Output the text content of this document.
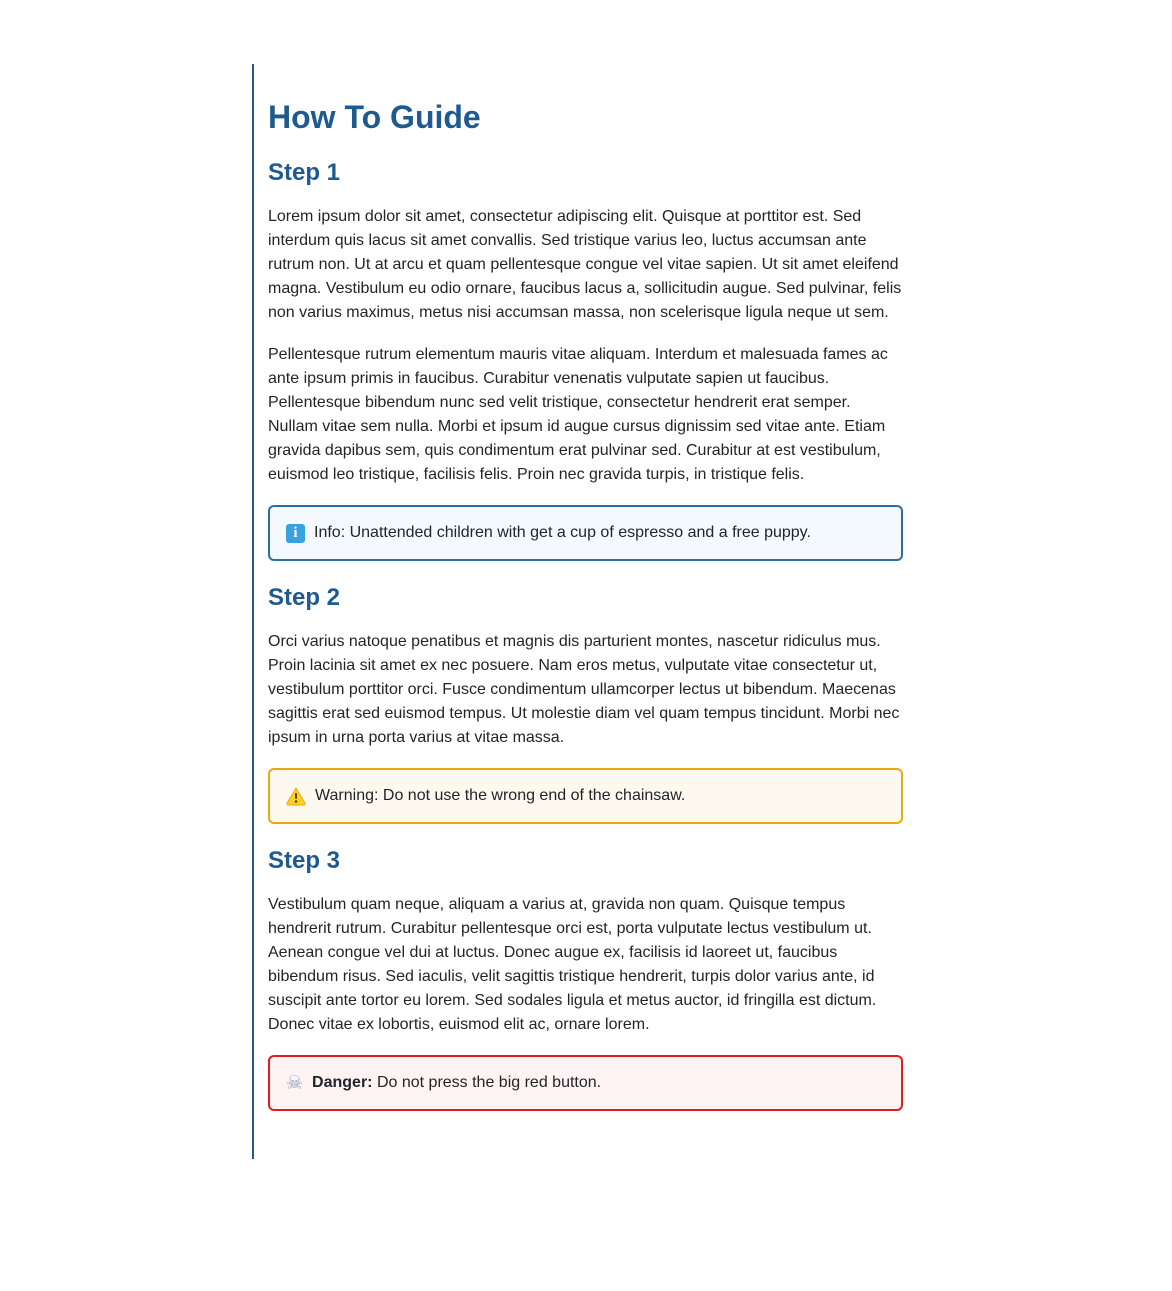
How To Guide
Step 1

Lorem ipsum dolor sit amet, consectetur adipiscing elit. Quisque at porttitor est. Sed interdum quis lacus sit amet convallis. Sed tristique varius leo, luctus accumsan ante rutrum non. Ut at arcu et quam pellentesque congue vel vitae sapien. Ut sit amet eleifend magna. Vestibulum eu odio ornare, faucibus lacus a, sollicitudin augue. Sed pulvinar, felis non varius maximus, metus nisi accumsan massa, non scelerisque ligula neque ut sem.

Pellentesque rutrum elementum mauris vitae aliquam. Interdum et malesuada fames ac ante ipsum primis in faucibus. Curabitur venenatis vulputate sapien ut faucibus. Pellentesque bibendum nunc sed velit tristique, consectetur hendrerit erat semper. Nullam vitae sem nulla. Morbi et ipsum id augue cursus dignissim sed vitae ante. Etiam gravida dapibus sem, quis condimentum erat pulvinar sed. Curabitur at est vestibulum, euismod leo tristique, facilisis felis. Proin nec gravida turpis, in tristique felis.

i Info: Unattended children with get a cup of espresso and a free puppy.

Step 2

Orci varius natoque penatibus et magnis dis parturient montes, nascetur ridiculus mus. Proin lacinia sit amet ex nec posuere. Nam eros metus, vulputate vitae consectetur ut, vestibulum porttitor orci. Fusce condimentum ullamcorper lectus ut bibendum. Maecenas sagittis erat sed euismod tempus. Ut molestie diam vel quam tempus tincidunt. Morbi nec ipsum in urna porta varius at vitae massa.

Warning: Do not use the wrong end of the chainsaw.

Step 3

Vestibulum quam neque, aliquam a varius at, gravida non quam. Quisque tempus hendrerit rutrum. Curabitur pellentesque orci est, porta vulputate lectus vestibulum ut. Aenean congue vel dui at luctus. Donec augue ex, facilisis id laoreet ut, faucibus bibendum risus. Sed iaculis, velit sagittis tristique hendrerit, turpis dolor varius ante, id suscipit ante tortor eu lorem. Sed sodales ligula et metus auctor, id fringilla est dictum. Donec vitae ex lobortis, euismod elit ac, ornare lorem.

☠ Danger: Do not press the big red button.
